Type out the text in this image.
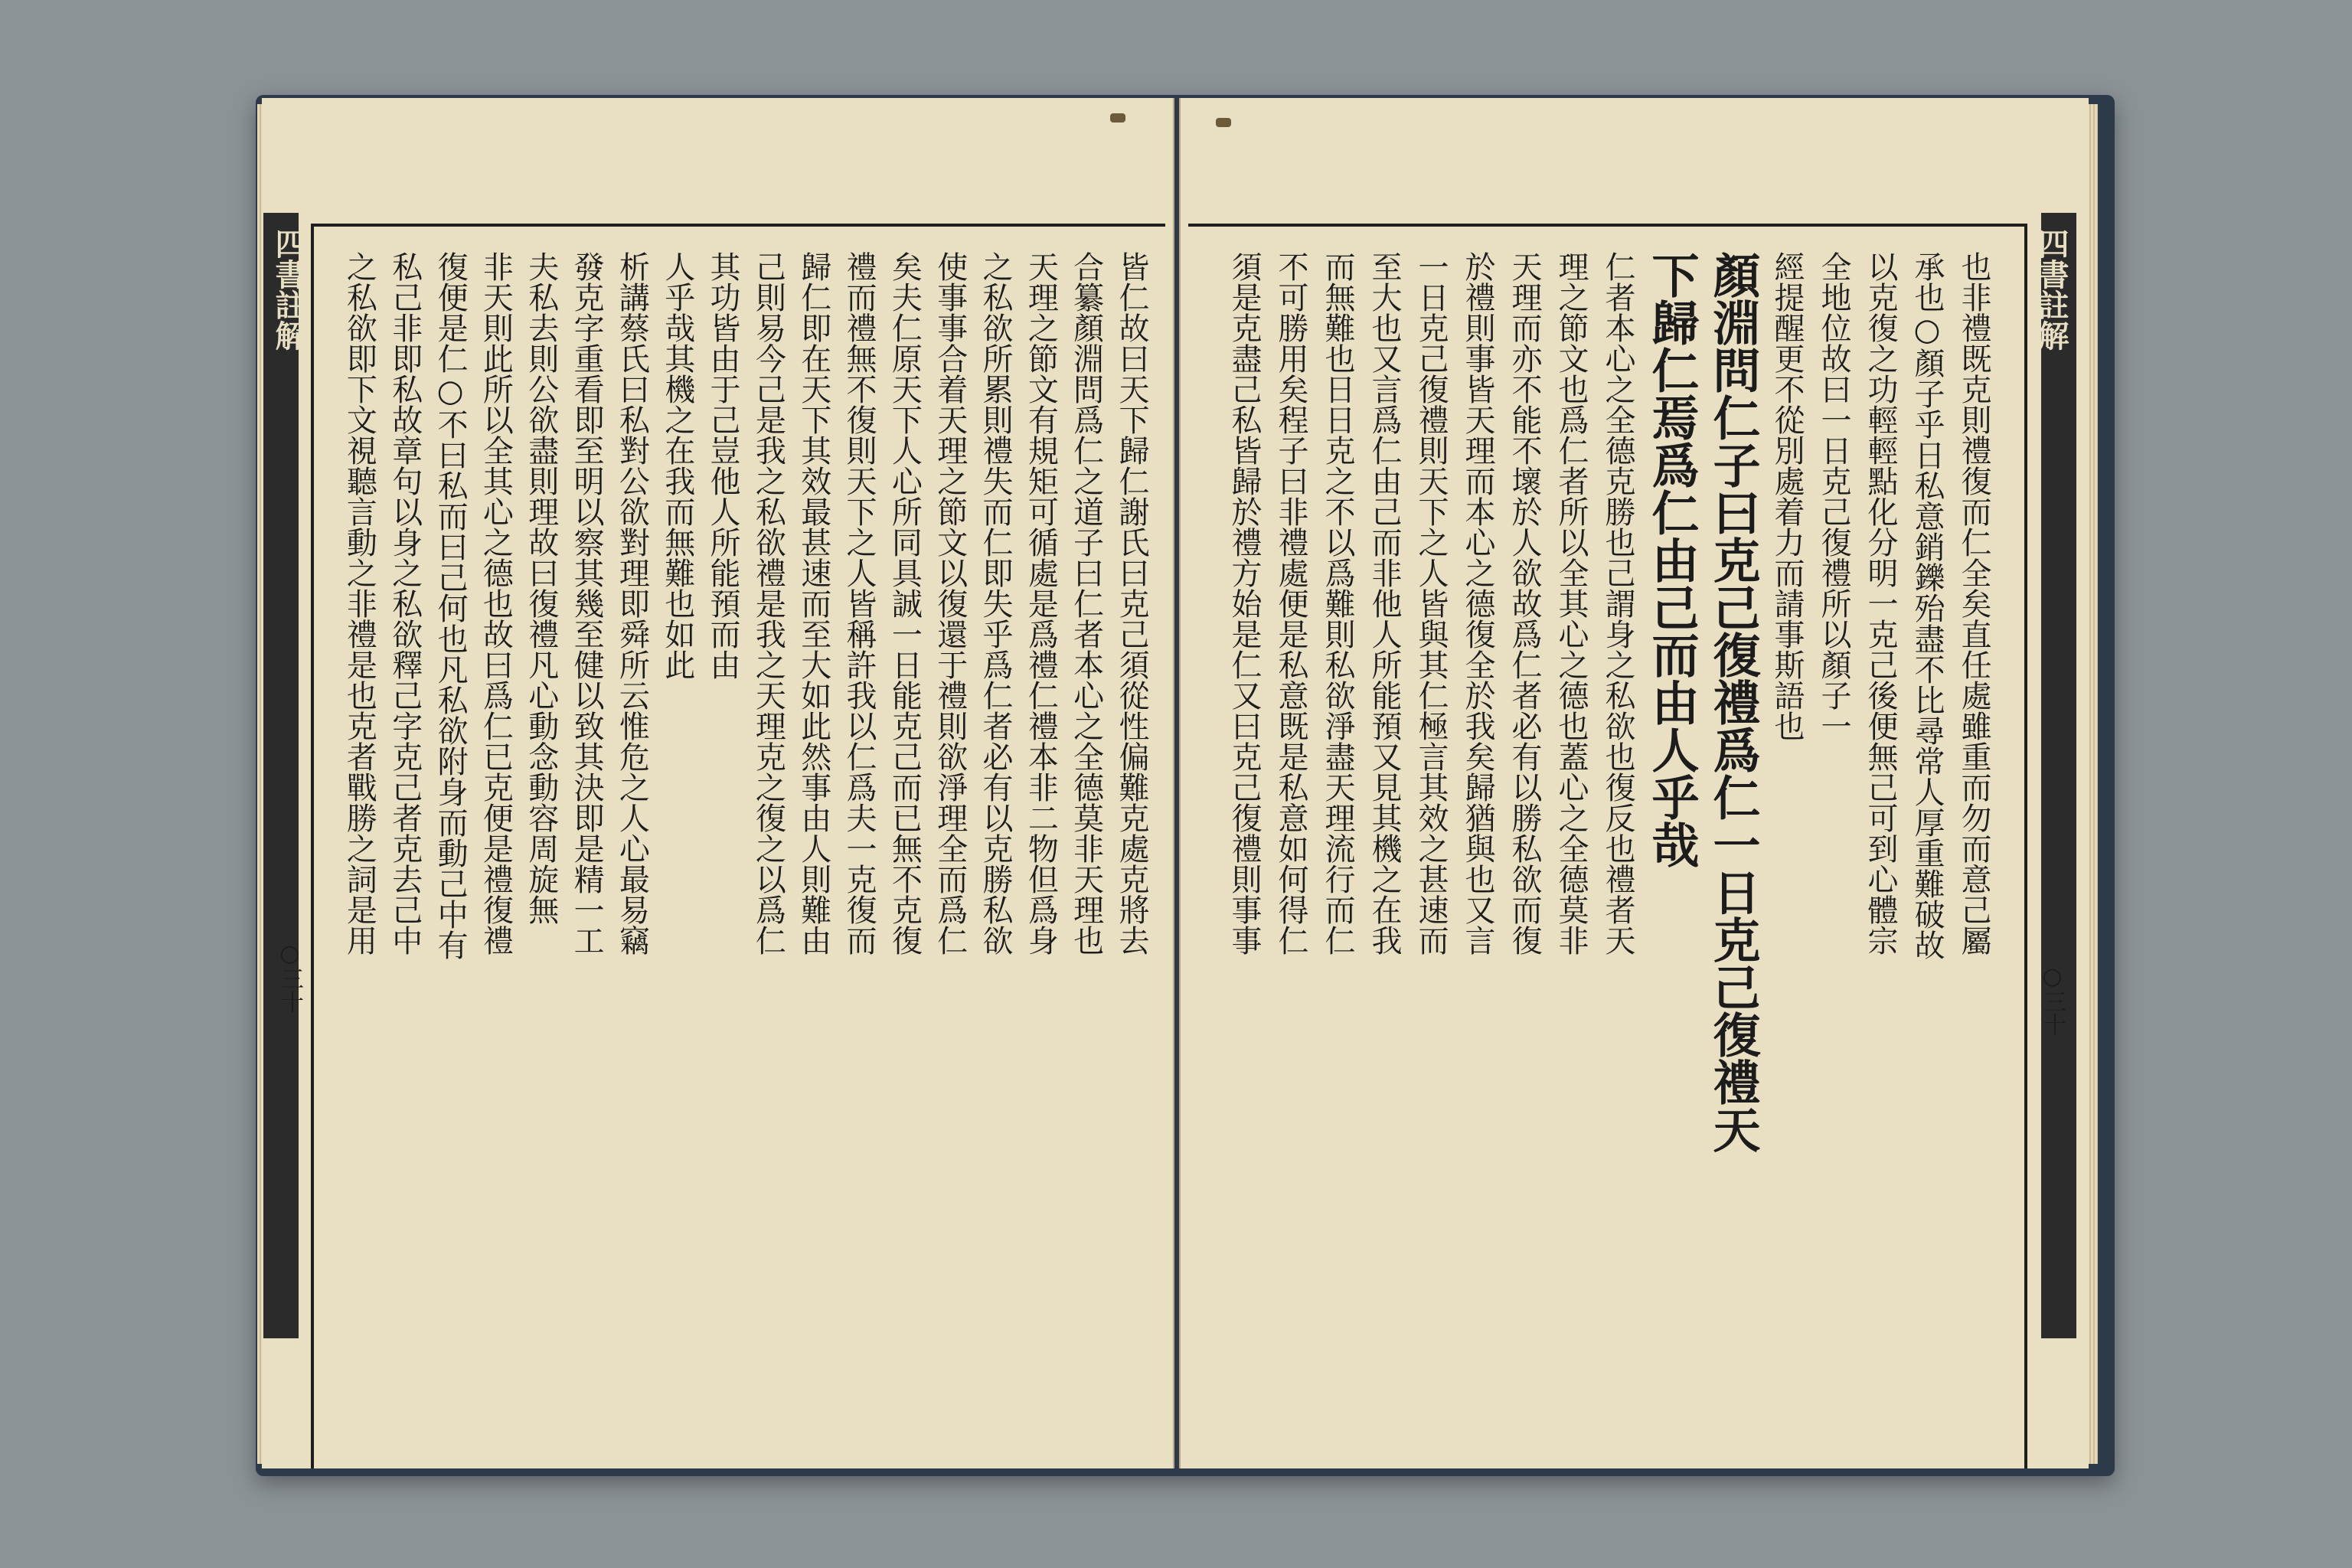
四書註解
○三十
皆仁故曰天下歸仁謝氏曰克己須從性偏難克處克將去
合纂顏淵問爲仁之道子曰仁者本心之全德莫非天理也
天理之節文有規矩可循處是爲禮仁禮本非二物但爲身
之私欲所累則禮失而仁即失乎爲仁者必有以克勝私欲
使事事合着天理之節文以復還于禮則欲淨理全而爲仁
矣夫仁原天下人心所同具誠一日能克己而已無不克復
禮而禮無不復則天下之人皆稱許我以仁爲夫一克復而
歸仁即在天下其效最甚速而至大如此然事由人則難由
己則易今己是我之私欲禮是我之天理克之復之以爲仁
其功皆由于己豈他人所能預而由
人乎哉其機之在我而無難也如此
析講蔡氏曰私對公欲對理即舜所云惟危之人心最易竊
發克字重看即至明以察其幾至健以致其決即是精一工
夫私去則公欲盡則理故曰復禮凡心動念動容周旋無
非天則此所以全其心之德也故曰爲仁已克便是禮復禮
復便是仁○不曰私而曰己何也凡私欲附身而動己中有
私己非即私故章句以身之私欲釋己字克己者克去己中
之私欲即下文視聽言動之非禮是也克者戰勝之詞是用	四書註解
○三十
也非禮既克則禮復而仁全矣直任處雖重而勿而意己屬
承也○顏子乎日私意銷鑠殆盡不比尋常人厚重難破故
以克復之功輕輕點化分明一克己後便無己可到心體宗
全地位故曰一日克己復禮所以顏子一
經提醒更不從別處着力而請事斯語也
顏淵問仁子曰克己復禮爲仁一日克己復禮天
下歸仁焉爲仁由己而由人乎哉
仁者本心之全德克勝也己謂身之私欲也復反也禮者天
理之節文也爲仁者所以全其心之德也蓋心之全德莫非
天理而亦不能不壞於人欲故爲仁者必有以勝私欲而復
於禮則事皆天理而本心之德復全於我矣歸猶與也又言
一日克己復禮則天下之人皆與其仁極言其效之甚速而
至大也又言爲仁由己而非他人所能預又見其機之在我
而無難也日日克之不以爲難則私欲淨盡天理流行而仁
不可勝用矣程子曰非禮處便是私意既是私意如何得仁
須是克盡己私皆歸於禮方始是仁又曰克己復禮則事事
